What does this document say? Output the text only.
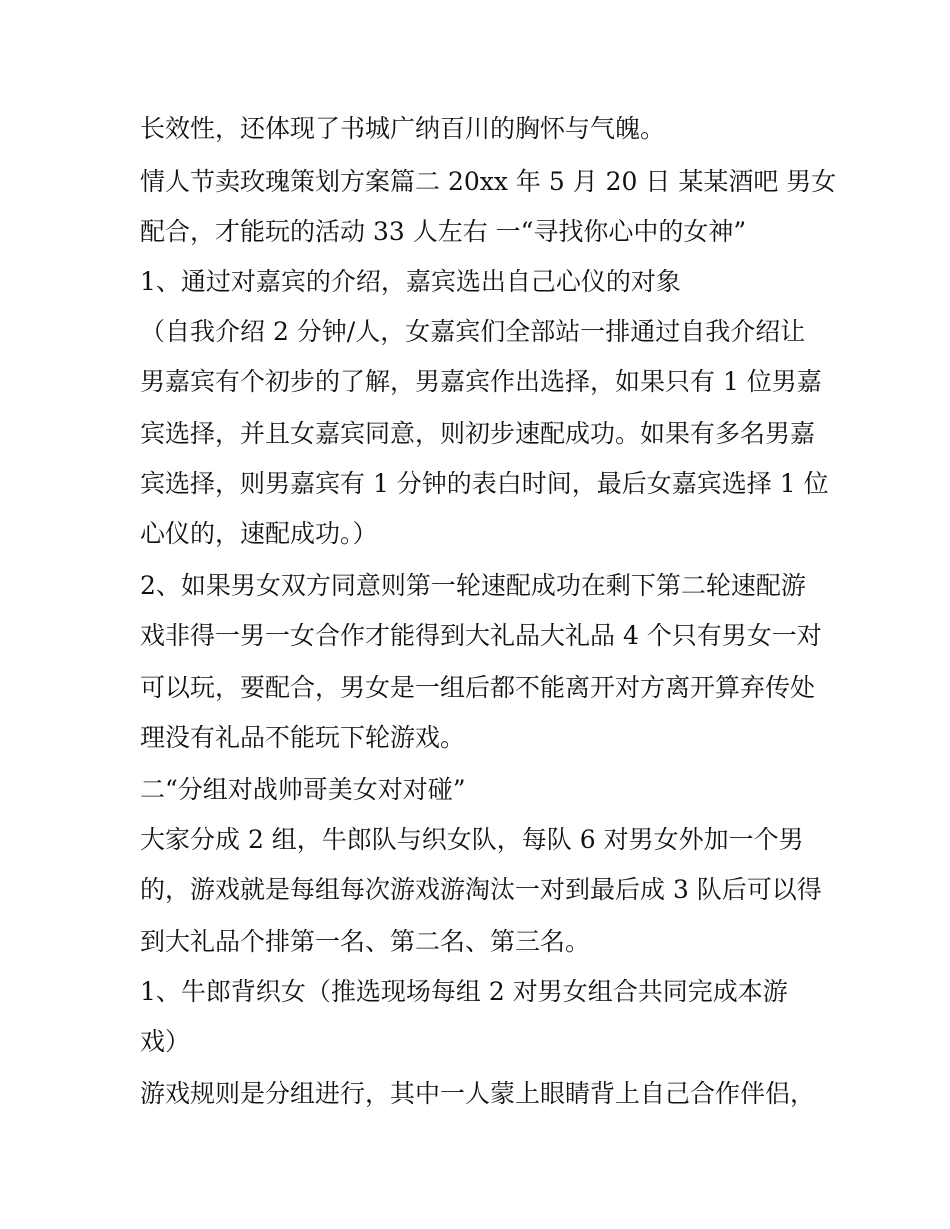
长效性，还体现了书城广纳百川的胸怀与气魄。
情人节卖玫瑰策划方案篇二 20xx 年 5 月 20 日 某某酒吧 男女
配合，才能玩的活动 33 人左右 一“寻找你心中的女神”
1、通过对嘉宾的介绍，嘉宾选出自己心仪的对象
（自我介绍 2 分钟/人，女嘉宾们全部站一排通过自我介绍让
男嘉宾有个初步的了解，男嘉宾作出选择，如果只有 1 位男嘉
宾选择，并且女嘉宾同意，则初步速配成功。如果有多名男嘉
宾选择，则男嘉宾有 1 分钟的表白时间，最后女嘉宾选择 1 位
心仪的，速配成功。）
2、如果男女双方同意则第一轮速配成功在剩下第二轮速配游
戏非得一男一女合作才能得到大礼品大礼品 4 个只有男女一对
可以玩，要配合，男女是一组后都不能离开对方离开算弃传处
理没有礼品不能玩下轮游戏。
二“分组对战帅哥美女对对碰”
大家分成 2 组，牛郎队与织女队，每队 6 对男女外加一个男
的，游戏就是每组每次游戏游淘汰一对到最后成 3 队后可以得
到大礼品个排第一名、第二名、第三名。
1、牛郎背织女（推选现场每组 2 对男女组合共同完成本游
戏）
游戏规则是分组进行，其中一人蒙上眼睛背上自己合作伴侣，
